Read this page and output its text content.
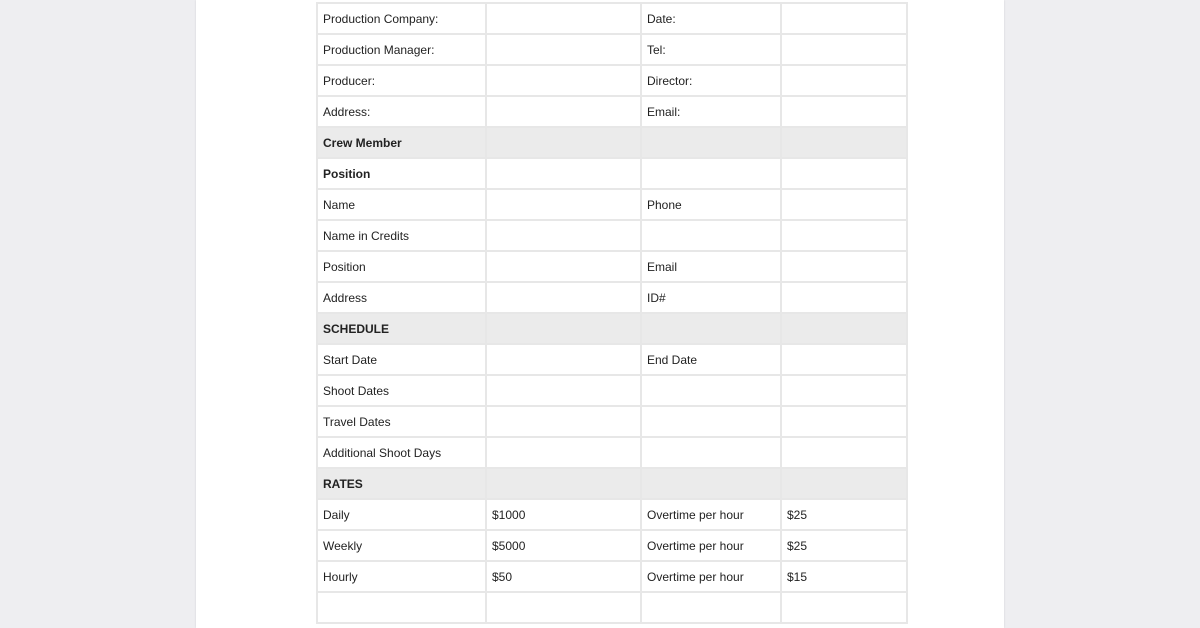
Production Company:		Date:	
Production Manager:		Tel:	
Producer:		Director:	
Address:		Email:	
Crew Member			
Position			
Name		Phone	
Name in Credits			
Position		Email	
Address		ID#	
SCHEDULE			
Start Date		End Date	
Shoot Dates			
Travel Dates			
Additional Shoot Days			
RATES			
Daily	$1000	Overtime per hour	$25
Weekly	$5000	Overtime per hour	$25
Hourly	$50	Overtime per hour	$15
